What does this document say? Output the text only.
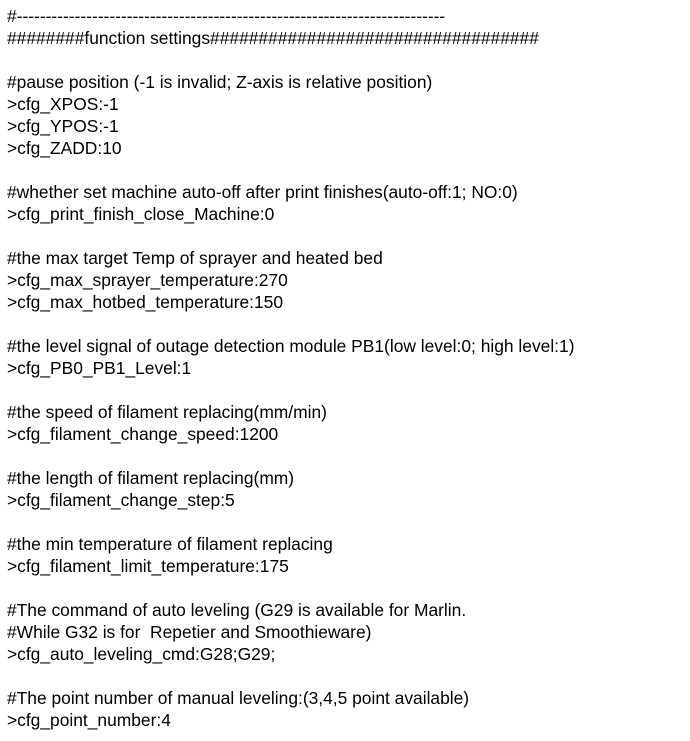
#--------------------------------------------------------------------------
########function settings##################################
#pause position (-1 is invalid; Z-axis is relative position)
>cfg_XPOS:-1
>cfg_YPOS:-1
>cfg_ZADD:10
#whether set machine auto-off after print finishes(auto-off:1; NO:0)
>cfg_print_finish_close_Machine:0
#the max target Temp of sprayer and heated bed
>cfg_max_sprayer_temperature:270
>cfg_max_hotbed_temperature:150
#the level signal of outage detection module PB1(low level:0; high level:1)
>cfg_PB0_PB1_Level:1
#the speed of filament replacing(mm/min)
>cfg_filament_change_speed:1200
#the length of filament replacing(mm)
>cfg_filament_change_step:5
#the min temperature of filament replacing
>cfg_filament_limit_temperature:175
#The command of auto leveling (G29 is available for Marlin.
#While G32 is for  Repetier and Smoothieware)
>cfg_auto_leveling_cmd:G28;G29;
#The point number of manual leveling:(3,4,5 point available)
>cfg_point_number:4
